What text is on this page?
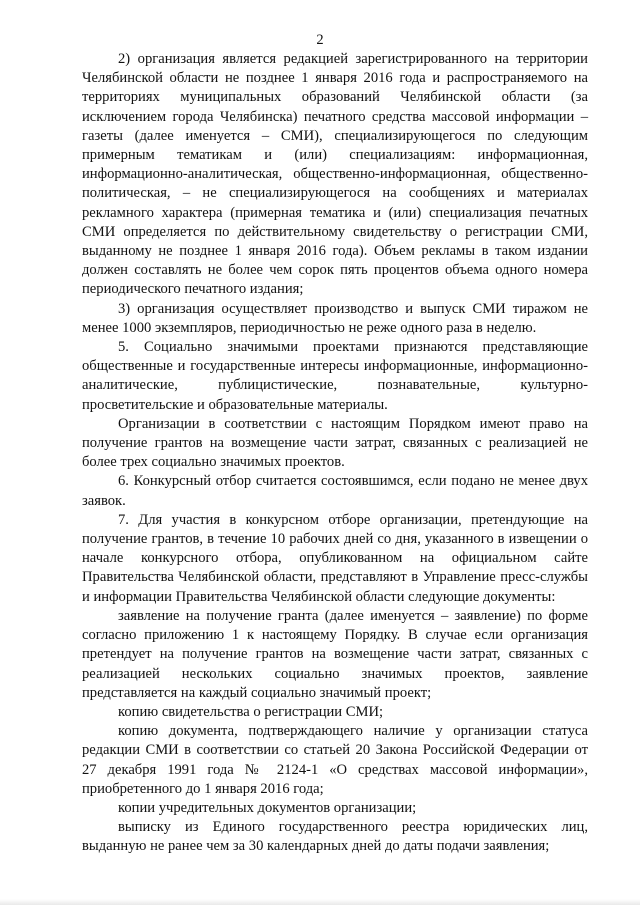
2

2) организация является редакцией зарегистрированного на территории Челябинской области не позднее 1 января 2016 года и распространяемого на территориях муниципальных образований Челябинской области (за исключением города Челябинска) печатного средства массовой информации – газеты (далее именуется – СМИ), специализирующегося по следующим примерным тематикам и (или) специализациям: информационная, информационно-аналитическая, общественно-информационная, общественно-политическая, – не специализирующегося на сообщениях и материалах рекламного характера (примерная тематика и (или) специализация печатных СМИ определяется по действительному свидетельству о регистрации СМИ, выданному не позднее 1 января 2016 года). Объем рекламы в таком издании должен составлять не более чем сорок пять процентов объема одного номера периодического печатного издания;

3) организация осуществляет производство и выпуск СМИ тиражом не менее 1000 экземпляров, периодичностью не реже одного раза в неделю.

5. Социально значимыми проектами признаются представляющие общественные и государственные интересы информационные, информационно-аналитические, публицистические, познавательные, культурно-просветительские и образовательные материалы.

Организации в соответствии с настоящим Порядком имеют право на получение грантов на возмещение части затрат, связанных с реализацией не более трех социально значимых проектов.

6. Конкурсный отбор считается состоявшимся, если подано не менее двух заявок.

7. Для участия в конкурсном отборе организации, претендующие на получение грантов, в течение 10 рабочих дней со дня, указанного в извещении о начале конкурсного отбора, опубликованном на официальном сайте Правительства Челябинской области, представляют в Управление пресс-службы и информации Правительства Челябинской области следующие документы:

заявление на получение гранта (далее именуется – заявление) по форме согласно приложению 1 к настоящему Порядку. В случае если организация претендует на получение грантов на возмещение части затрат, связанных с реализацией нескольких социально значимых проектов, заявление представляется на каждый социально значимый проект;

копию свидетельства о регистрации СМИ;

копию документа, подтверждающего наличие у организации статуса редакции СМИ в соответствии со статьей 20 Закона Российской Федерации от 27 декабря 1991 года № 2124-1 «О средствах массовой информации», приобретенного до 1 января 2016 года;

копии учредительных документов организации;

выписку из Единого государственного реестра юридических лиц, выданную не ранее чем за 30 календарных дней до даты подачи заявления;
